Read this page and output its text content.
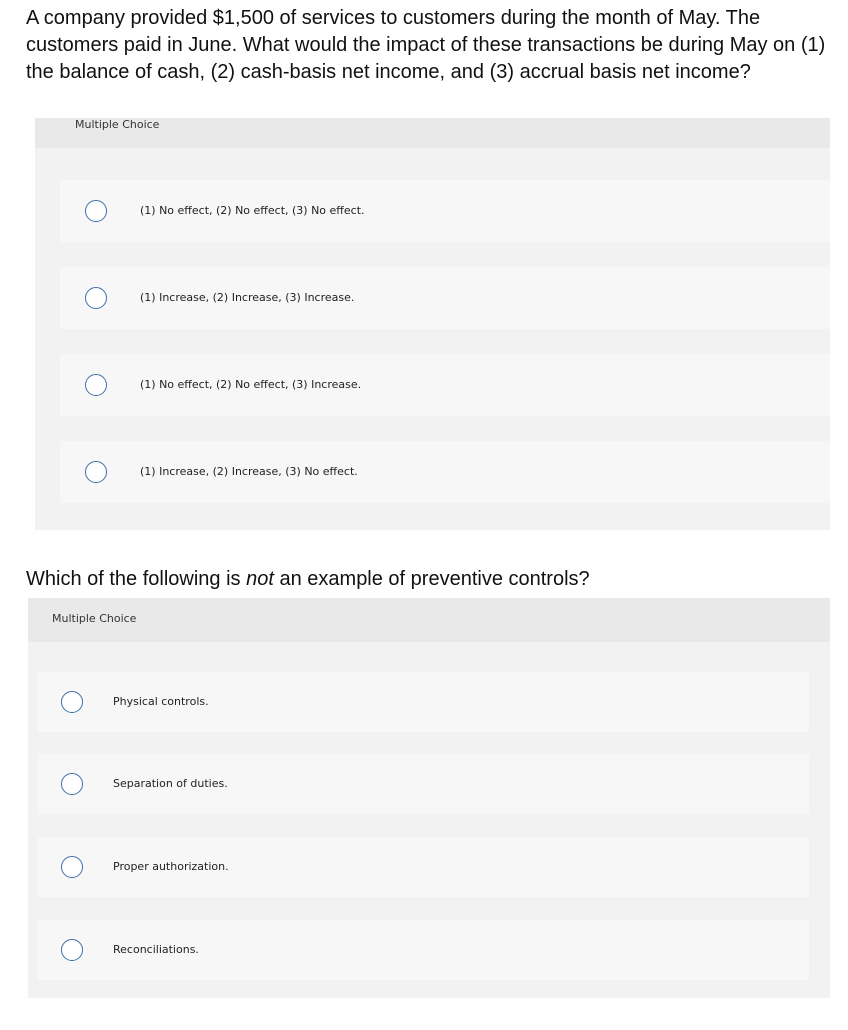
A company provided $1,500 of services to customers during the month of May. The customers paid in June. What would the impact of these transactions be during May on (1) the balance of cash, (2) cash-basis net income, and (3) accrual basis net income?

Multiple Choice
(1) No effect, (2) No effect, (3) No effect.
(1) Increase, (2) Increase, (3) Increase.
(1) No effect, (2) No effect, (3) Increase.
(1) Increase, (2) Increase, (3) No effect.

Which of the following is not an example of preventive controls?

Multiple Choice
Physical controls.
Separation of duties.
Proper authorization.
Reconciliations.
